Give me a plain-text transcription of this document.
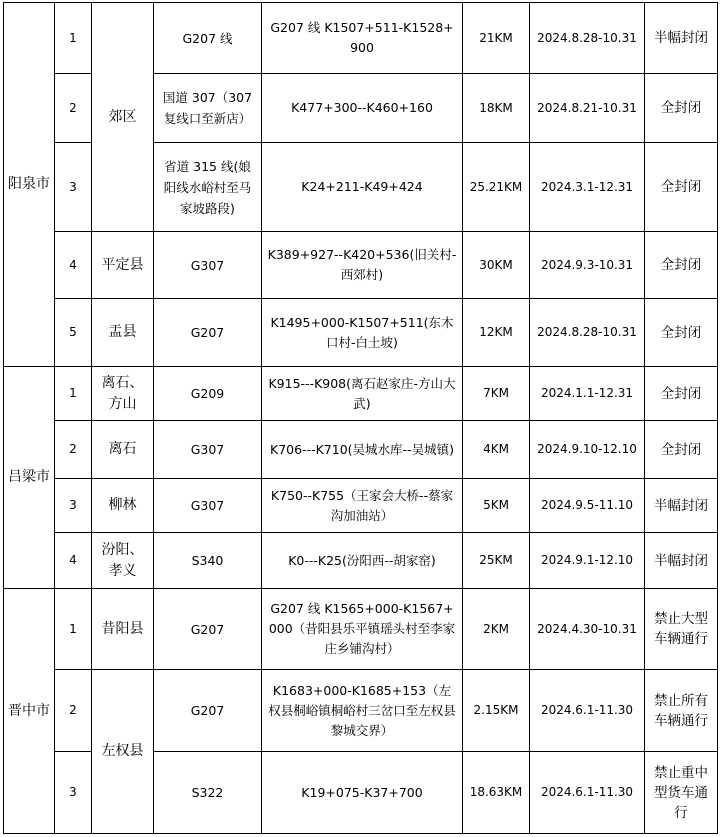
阳泉市	1	郊区	G207 线	G207 线 K1507+511-K1528+900	21KM	2024.8.28-10.31	半幅封闭
	2		国道 307（307复线口至新店）	K477+300--K460+160	18KM	2024.8.21-10.31	全封闭
	3		省道 315 线(娘阳线水峪村至马家坡路段)	K24+211-K49+424	25.21KM	2024.3.1-12.31	全封闭
	4	平定县	G307	K389+927--K420+536(旧关村-西郊村)	30KM	2024.9.3-10.31	全封闭
	5	盂县	G207	K1495+000-K1507+511(东木口村-白土坡)	12KM	2024.8.28-10.31	全封闭
吕梁市	1	离石、方山	G209	K915---K908(离石赵家庄-方山大武)	7KM	2024.1.1-12.31	全封闭
	2	离石	G307	K706---K710(吴城水库--吴城镇)	4KM	2024.9.10-12.10	全封闭
	3	柳林	G307	K750--K755（王家会大桥--蔡家沟加油站）	5KM	2024.9.5-11.10	半幅封闭
	4	汾阳、孝义	S340	K0---K25(汾阳西--胡家窑)	25KM	2024.9.1-12.10	半幅封闭
晋中市	1	昔阳县	G207	G207 线 K1565+000-K1567+000（昔阳县乐平镇瑶头村至李家庄乡铺沟村）	2KM	2024.4.30-10.31	禁止大型车辆通行
	2	左权县	G207	K1683+000-K1685+153（左权县桐峪镇桐峪村三岔口至左权县黎城交界）	2.15KM	2024.6.1-11.30	禁止所有车辆通行
	3		S322	K19+075-K37+700	18.63KM	2024.6.1-11.30	禁止重中型货车通行
